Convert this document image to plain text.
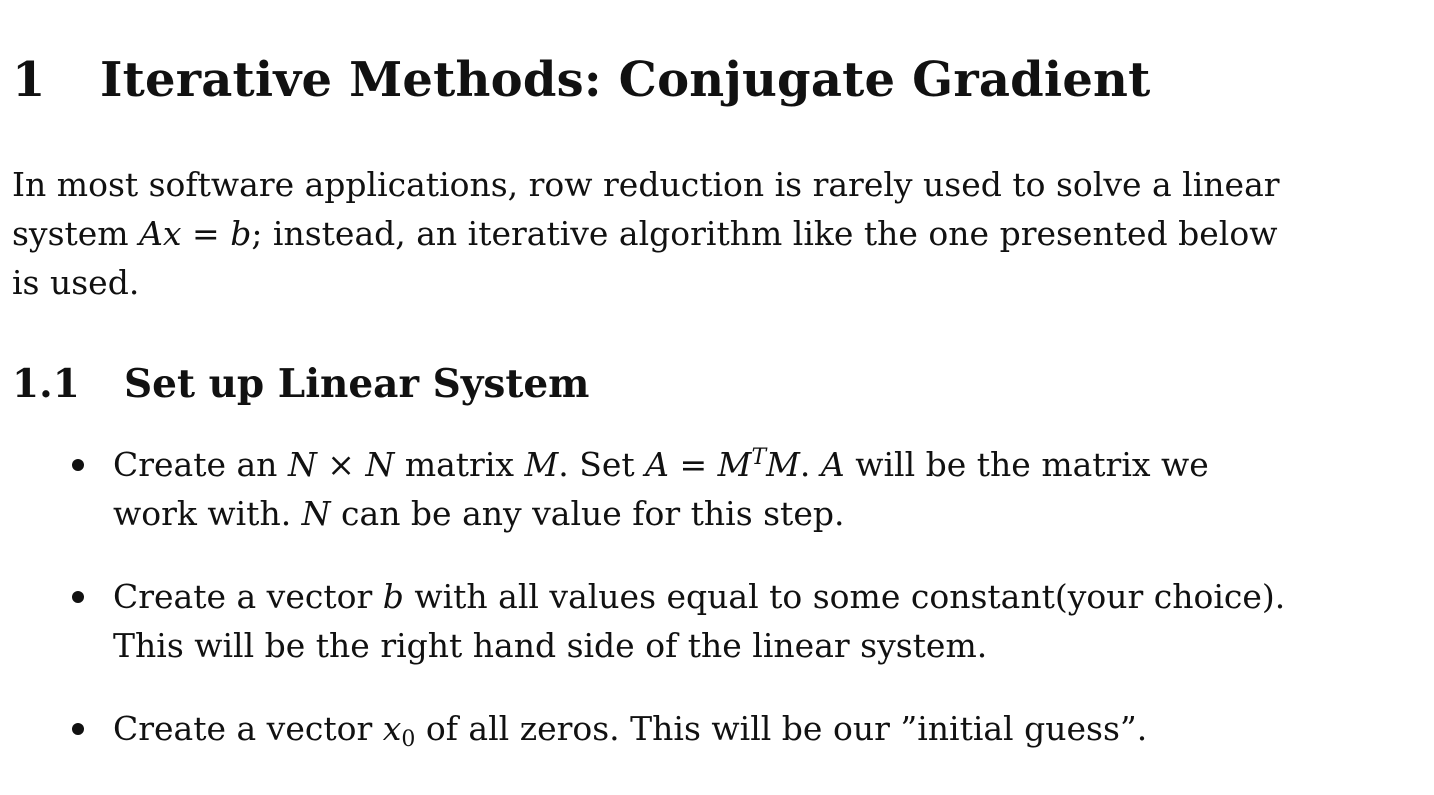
1 Iterative Methods: Conjugate Gradient
In most software applications, row reduction is rarely used to solve a linear
system Ax = b; instead, an iterative algorithm like the one presented below
is used.
1.1 Set up Linear System
Create an N × N matrix M. Set $A = M^TM$. A will be the matrix we
work with. N can be any value for this step.
Create a vector b with all values equal to some constant(your choice).
This will be the right hand side of the linear system.
Create a vector $x_0$ of all zeros. This will be our ”initial guess”.
